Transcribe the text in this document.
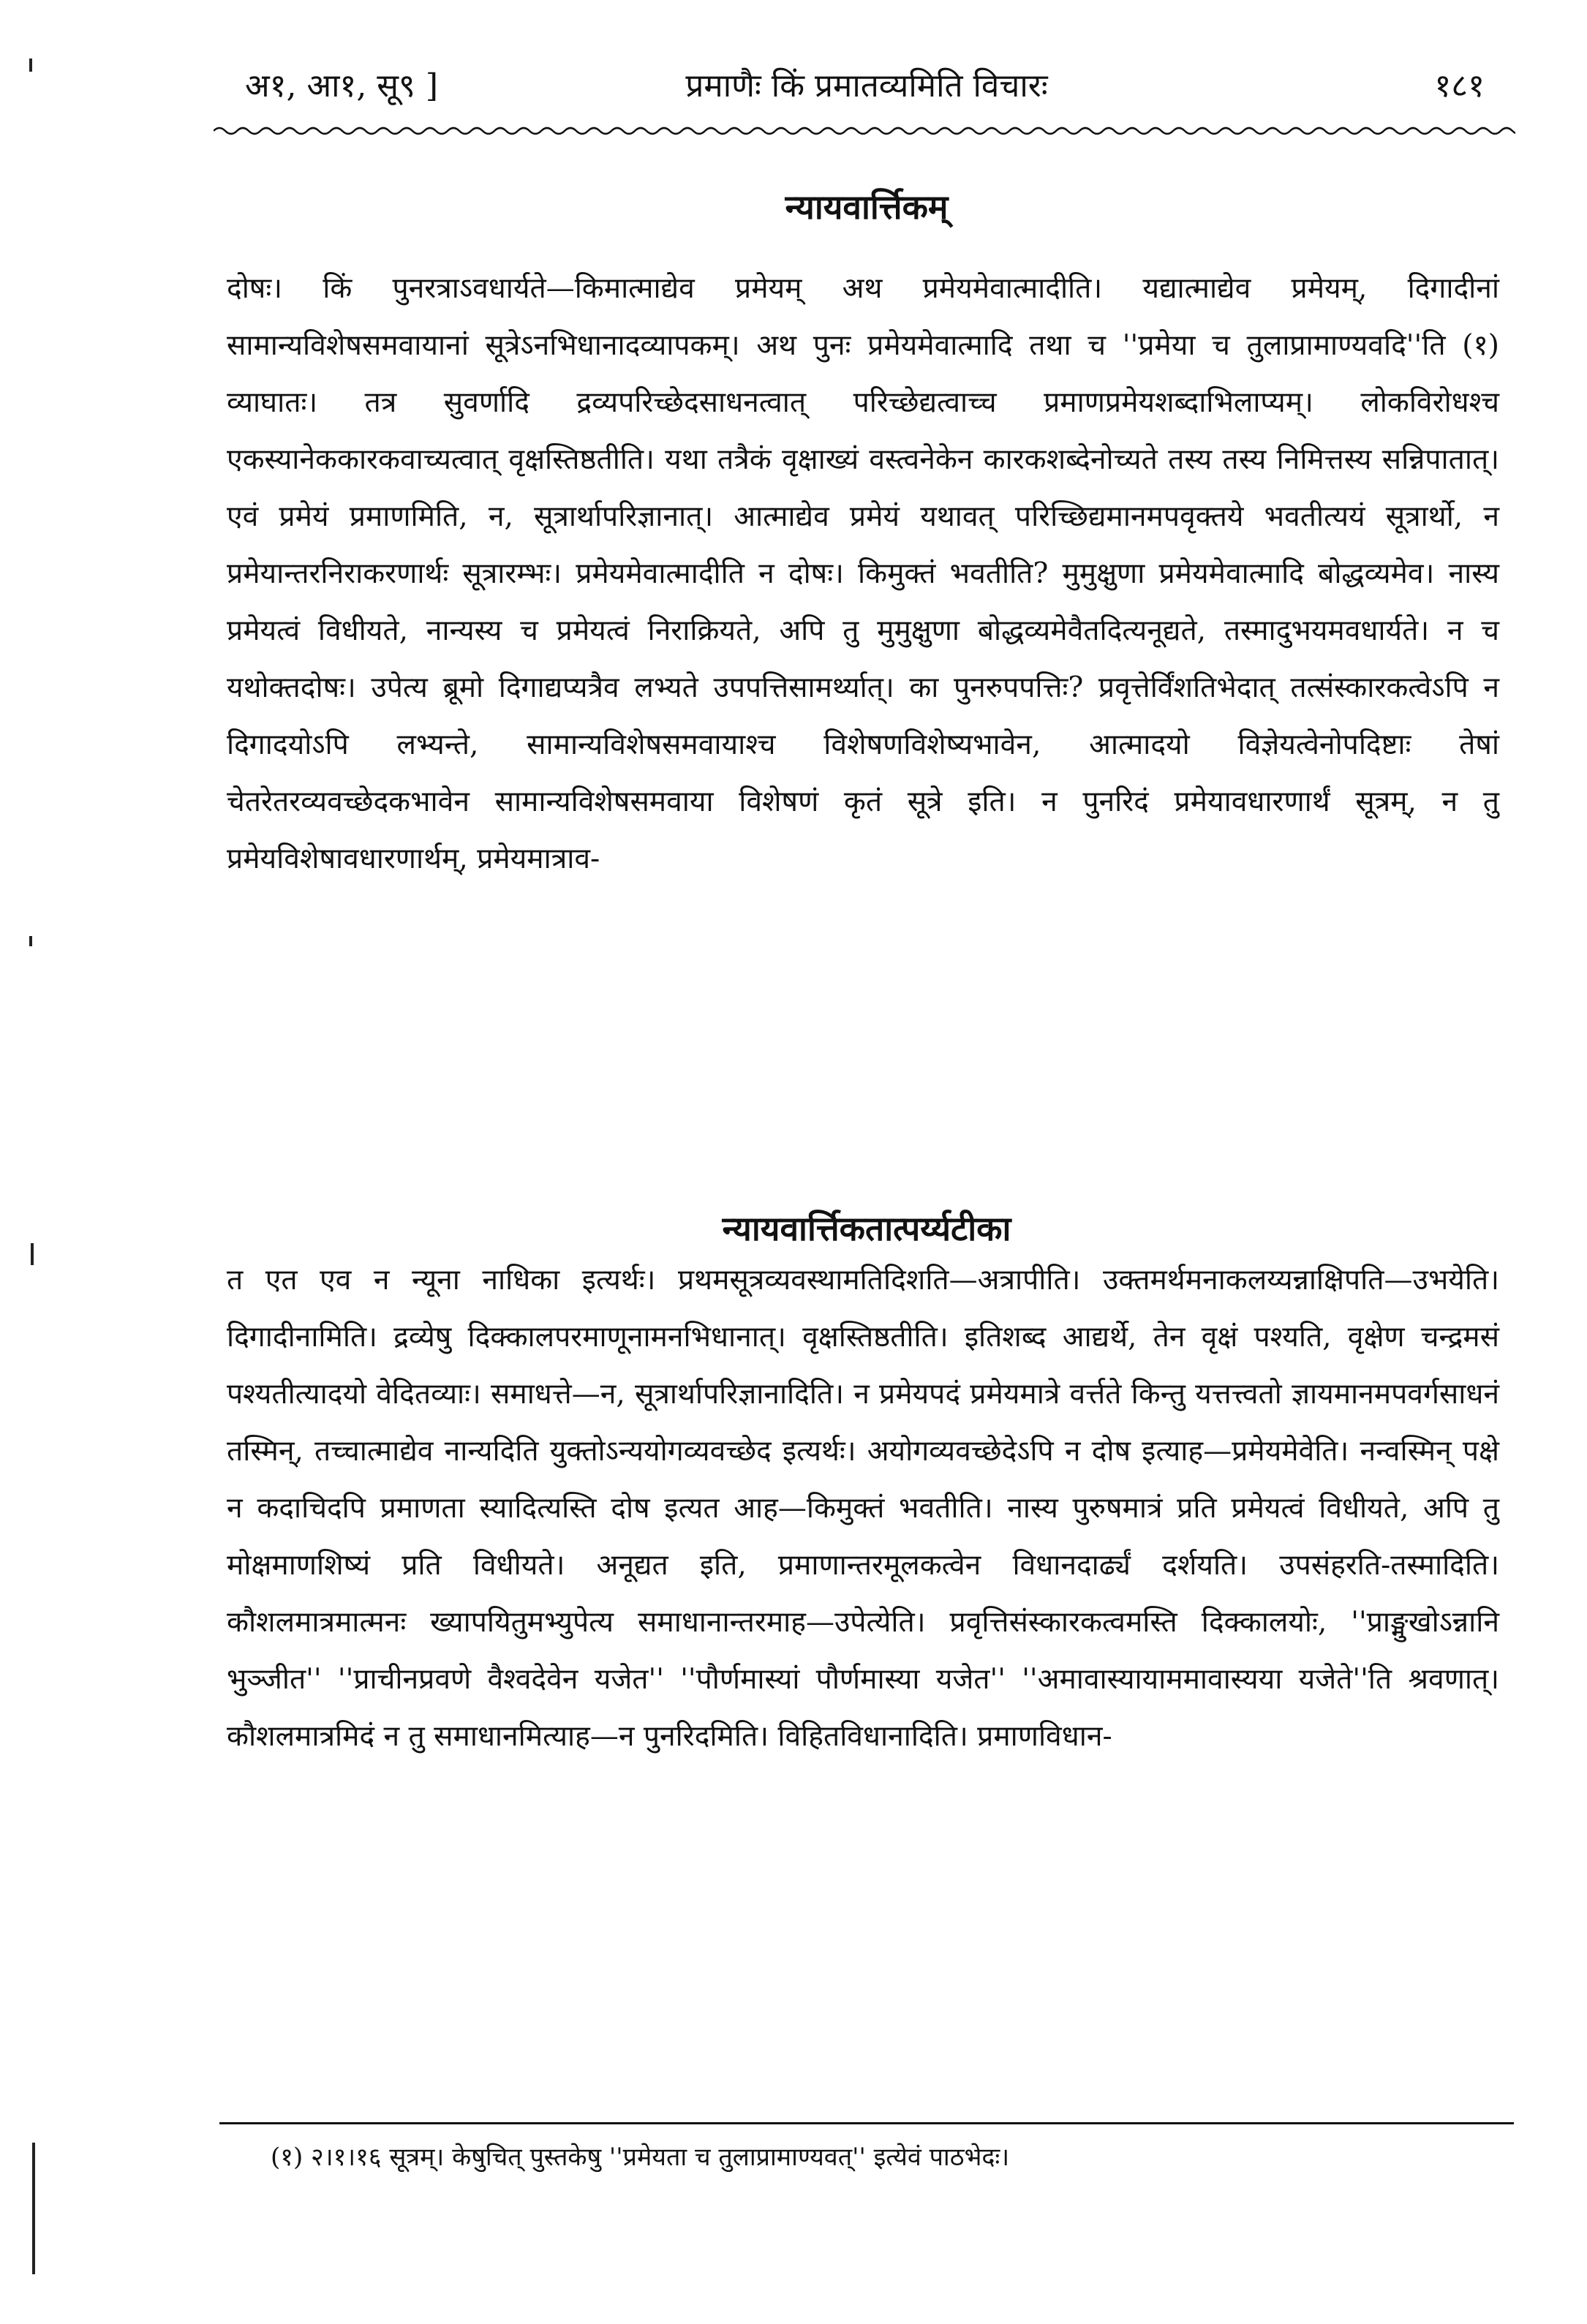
अ१, आ१, सू९ ]	प्रमाणैः किं प्रमातव्यमिति विचारः	१८१
न्यायवार्त्तिकम्
दोषः। किं पुनरत्राऽवधार्यते—किमात्माद्येव प्रमेयम् अथ प्रमेयमेवात्मादीति। यद्यात्माद्येव प्रमेयम्, दिगादीनां सामान्यविशेषसमवायानां सूत्रेऽनभिधानादव्यापकम्। अथ पुनः प्रमेयमेवात्मादि तथा च ''प्रमेया च तुलाप्रामाण्यवदि''ति (१) व्याघातः। तत्र सुवर्णादि द्रव्यपरिच्छेदसाधनत्वात् परिच्छेद्यत्वाच्च प्रमाणप्रमेयशब्दाभिलाप्यम्। लोकविरोधश्च एकस्यानेककारकवाच्यत्वात् वृक्षस्तिष्ठतीति। यथा तत्रैकं वृक्षाख्यं वस्त्वनेकेन कारकशब्देनोच्यते तस्य तस्य निमित्तस्य सन्निपातात्। एवं प्रमेयं प्रमाणमिति, न, सूत्रार्थापरिज्ञानात्। आत्माद्येव प्रमेयं यथावत् परिच्छिद्यमानमपवृक्तये भवतीत्ययं सूत्रार्थो, न प्रमेयान्तरनिराकरणार्थः सूत्रारम्भः। प्रमेयमेवात्मादीति न दोषः। किमुक्तं भवतीति? मुमुक्षुणा प्रमेयमेवात्मादि बोद्धव्यमेव। नास्य प्रमेयत्वं विधीयते, नान्यस्य च प्रमेयत्वं निराक्रियते, अपि तु मुमुक्षुणा बोद्धव्यमेवैतदित्यनूद्यते, तस्मादुभयमवधार्यते। न च यथोक्तदोषः। उपेत्य ब्रूमो दिगाद्यप्यत्रैव लभ्यते उपपत्तिसामर्थ्यात्। का पुनरुपपत्तिः? प्रवृत्तेर्विंशतिभेदात् तत्संस्कारकत्वेऽपि न दिगादयोऽपि लभ्यन्ते, सामान्यविशेषसमवायाश्च विशेषणविशेष्यभावेन, आत्मादयो विज्ञेयत्वेनोपदिष्टाः तेषां चेतरेतरव्यवच्छेदकभावेन सामान्यविशेषसमवाया विशेषणं कृतं सूत्रे इति। न पुनरिदं प्रमेयावधारणार्थं सूत्रम्, न तु प्रमेयविशेषावधारणार्थम्, प्रमेयमात्राव-
न्यायवार्त्तिकतात्पर्य्यटीका
त एत एव न न्यूना नाधिका इत्यर्थः। प्रथमसूत्रव्यवस्थामतिदिशति—अत्रापीति। उक्तमर्थमनाकलय्यन्नाक्षिपति—उभयेति। दिगादीनामिति। द्रव्येषु दिक्कालपरमाणूनामनभिधानात्। वृक्षस्तिष्ठतीति। इतिशब्द आद्यर्थे, तेन वृक्षं पश्यति, वृक्षेण चन्द्रमसं पश्यतीत्यादयो वेदितव्याः। समाधत्ते—न, सूत्रार्थापरिज्ञानादिति। न प्रमेयपदं प्रमेयमात्रे वर्त्तते किन्तु यत्तत्त्वतो ज्ञायमानमपवर्गसाधनं तस्मिन्, तच्चात्माद्येव नान्यदिति युक्तोऽन्ययोगव्यवच्छेद इत्यर्थः। अयोगव्यवच्छेदेऽपि न दोष इत्याह—प्रमेयमेवेति। नन्वस्मिन् पक्षे न कदाचिदपि प्रमाणता स्यादित्यस्ति दोष इत्यत आह—किमुक्तं भवतीति। नास्य पुरुषमात्रं प्रति प्रमेयत्वं विधीयते, अपि तु मोक्षमाणशिष्यं प्रति विधीयते। अनूद्यत इति, प्रमाणान्तरमूलकत्वेन विधानदार्ढ्यं दर्शयति। उपसंहरति-तस्मादिति। कौशलमात्रमात्मनः ख्यापयितुमभ्युपेत्य समाधानान्तरमाह—उपेत्येति। प्रवृत्तिसंस्कारकत्वमस्ति दिक्कालयोः, ''प्राङ्मुखोऽन्नानि भुञ्जीत'' ''प्राचीनप्रवणे वैश्वदेवेन यजेत'' ''पौर्णमास्यां पौर्णमास्या यजेत'' ''अमावास्यायाममावास्यया यजेते''ति श्रवणात्। कौशलमात्रमिदं न तु समाधानमित्याह—न पुनरिदमिति। विहितविधानादिति। प्रमाणविधान-
(१) २।१।१६ सूत्रम्। केषुचित् पुस्तकेषु ''प्रमेयता च तुलाप्रामाण्यवत्'' इत्येवं पाठभेदः।
